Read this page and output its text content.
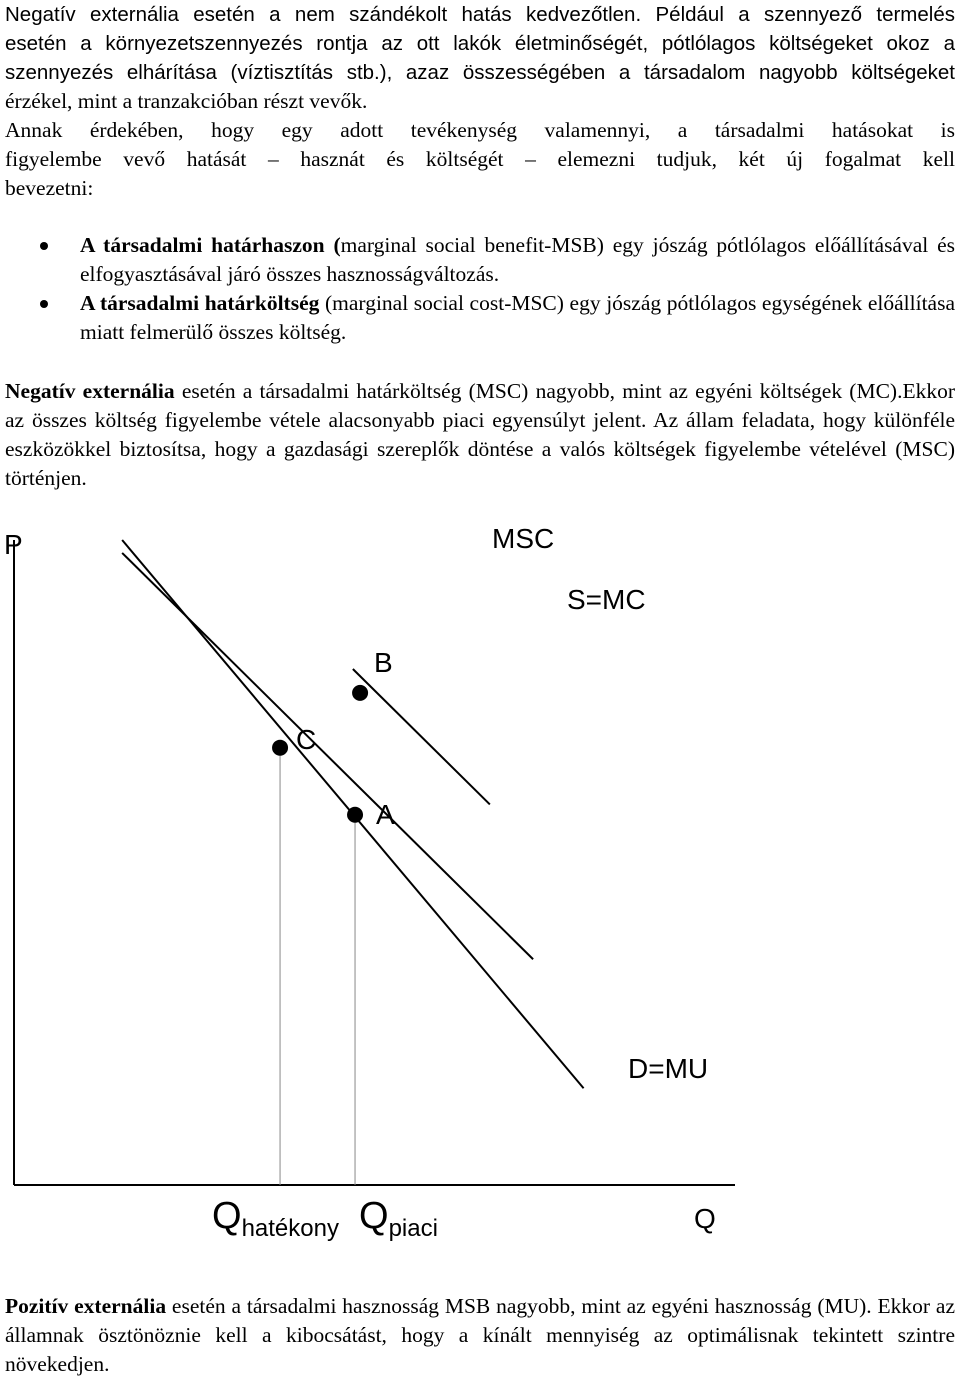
Negatív externália esetén a nem szándékolt hatás kedvezőtlen. Például a szennyező termelés
esetén a környezetszennyezés rontja az ott lakók életminőségét, pótlólagos költségeket okoz a
szennyezés elhárítása (víztisztítás stb.), azaz összességében a társadalom nagyobb költségeket
érzékel, mint a tranzakcióban részt vevők.
Annak érdekében, hogy egy adott tevékenység valamennyi, a társadalmi hatásokat is
figyelembe vevő hatását – hasznát és költségét – elemezni tudjuk, két új fogalmat kell
bevezetni:
A társadalmi határhaszon (marginal social benefit-MSB) egy jószág pótlólagos előállításával és elfogyasztásával járó összes hasznosságváltozás.
A társadalmi határköltség (marginal social cost-MSC) egy jószág pótlólagos egységének előállítása miatt felmerülő összes költség.

Negatív externália esetén a társadalmi határköltség (MSC) nagyobb, mint az egyéni költségek (MC).Ekkor az összes költség figyelembe vétele alacsonyabb piaci egyensúlyt jelent. Az állam feladata, hogy különféle eszközökkel biztosítsa, hogy a gazdasági szereplők döntése a valós költségek figyelembe vételével (MSC) történjen.

P
Q
MSC
S=MC
D=MU
B
C
A
$Q_{hatékony}$ $Q_{piaci}$

Pozitív externália esetén a társadalmi hasznosság MSB nagyobb, mint az egyéni hasznosság (MU). Ekkor az államnak ösztönöznie kell a kibocsátást, hogy a kínált mennyiség az optimálisnak tekintett szintre növekedjen.
